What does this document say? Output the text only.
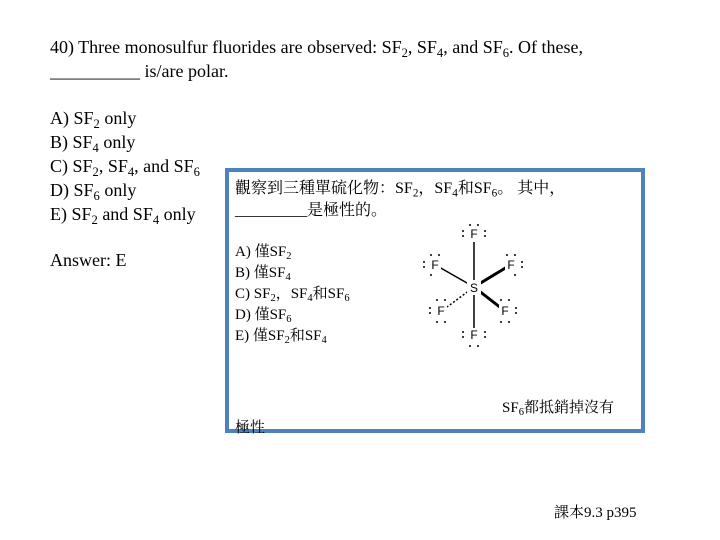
40) Three monosulfur fluorides are observed: $SF_2$, $SF_4$, and $SF_6$. Of these,
__________ is/are polar.
A) $SF_2$ only
B) $SF_4$ only
C) $SF_2$, $SF_4$, and $SF_6$
D) $SF_6$ only
E) $SF_2$ and $SF_4$ only
Answer: E
觀察到三種單硫化物：$SF_2$，$SF_4$和$SF_6$。 其中，
_________是極性的。
A) 僅$SF_2$
B) 僅$SF_4$
C) $SF_2$，$SF_4$和$SF_6$
D) 僅$SF_6$
E) 僅$SF_2$和$SF_4$
S
F
F
F	F
F	F
$SF_6$都抵銷掉沒有
極性
課本9.3 p395
